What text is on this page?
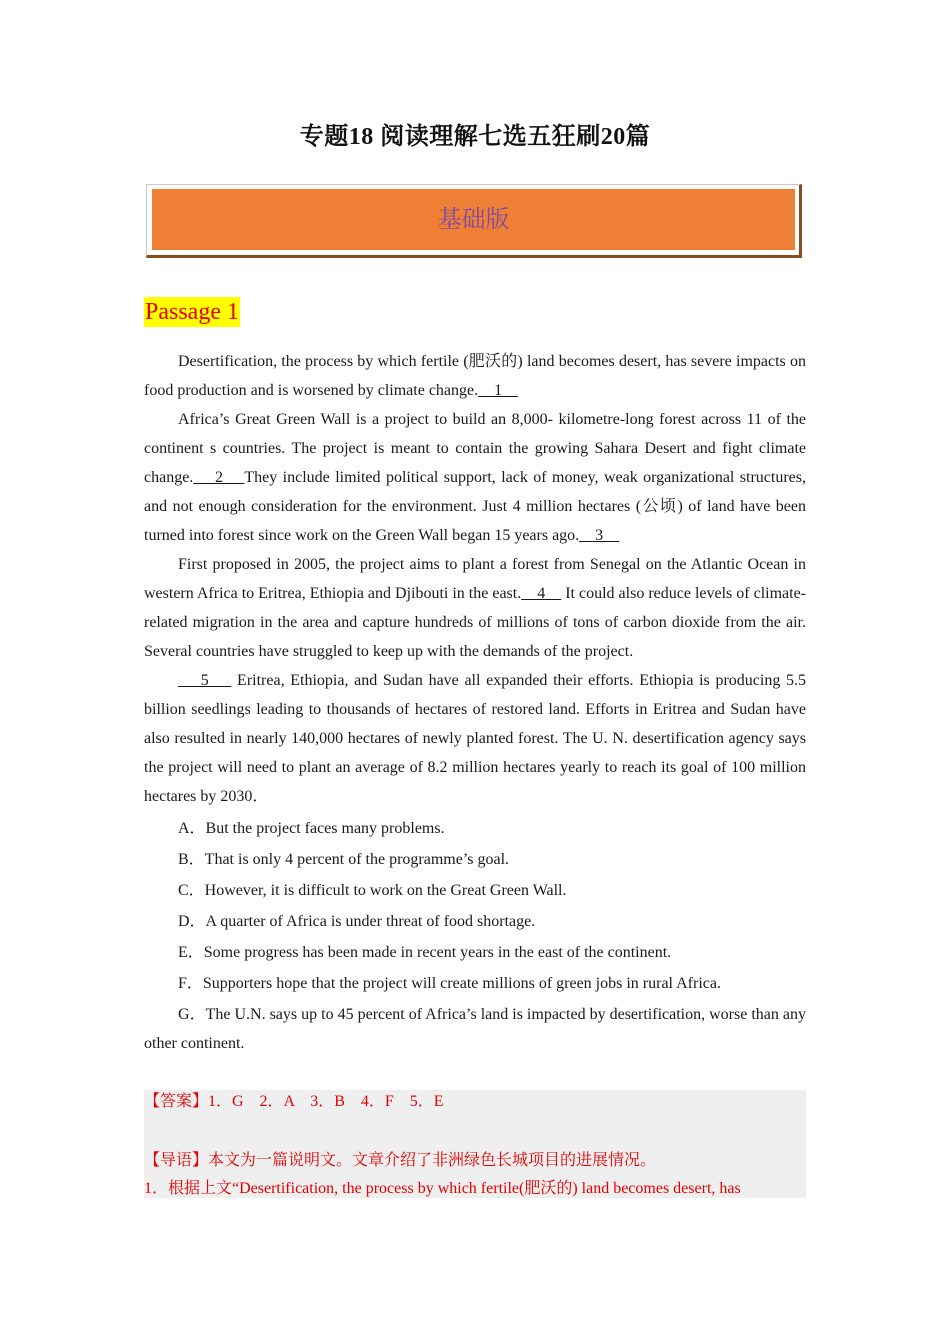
专题18 阅读理解七选五狂刷20篇
基础版
Passage 1

Desertification, the process by which fertile (肥沃的) land becomes desert, has severe impacts on food production and is worsened by climate change.    1

Africa’s Great Green Wall is a project to build an 8,000- kilometre-long forest across 11 of the continent s countries. The project is meant to contain the growing Sahara Desert and fight climate change.    2    They include limited political support, lack of money, weak organizational structures, and not enough consideration for the environment. Just 4 million hectares (公顷) of land have been turned into forest since work on the Green Wall began 15 years ago.    3

First proposed in 2005, the project aims to plant a forest from Senegal on the Atlantic Ocean in western Africa to Eritrea, Ethiopia and Djibouti in the east.    4     It could also reduce levels of climate-related migration in the area and capture hundreds of millions of tons of carbon dioxide from the air. Several countries have struggled to keep up with the demands of the project.

5     Eritrea, Ethiopia, and Sudan have all expanded their efforts. Ethiopia is producing 5.5 billion seedlings leading to thousands of hectares of restored land. Efforts in Eritrea and Sudan have also resulted in nearly 140,000 hectares of newly planted forest. The U. N. desertification agency says the project will need to plant an average of 8.2 million hectares yearly to reach its goal of 100 million hectares by 2030．

A．But the project faces many problems.

B．That is only 4 percent of the programme’s goal.

C．However, it is difficult to work on the Great Green Wall.

D．A quarter of Africa is under threat of food shortage.

E．Some progress has been made in recent years in the east of the continent.

F．Supporters hope that the project will create millions of green jobs in rural Africa.

G．The U.N. says up to 45 percent of Africa’s land is impacted by desertification, worse than any other continent.

【答案】1．G    2．A    3．B    4．F    5．E
【导语】本文为一篇说明文。文章介绍了非洲绿色长城项目的进展情况。
1．根据上文“Desertification, the process by which fertile(肥沃的) land becomes desert, has
